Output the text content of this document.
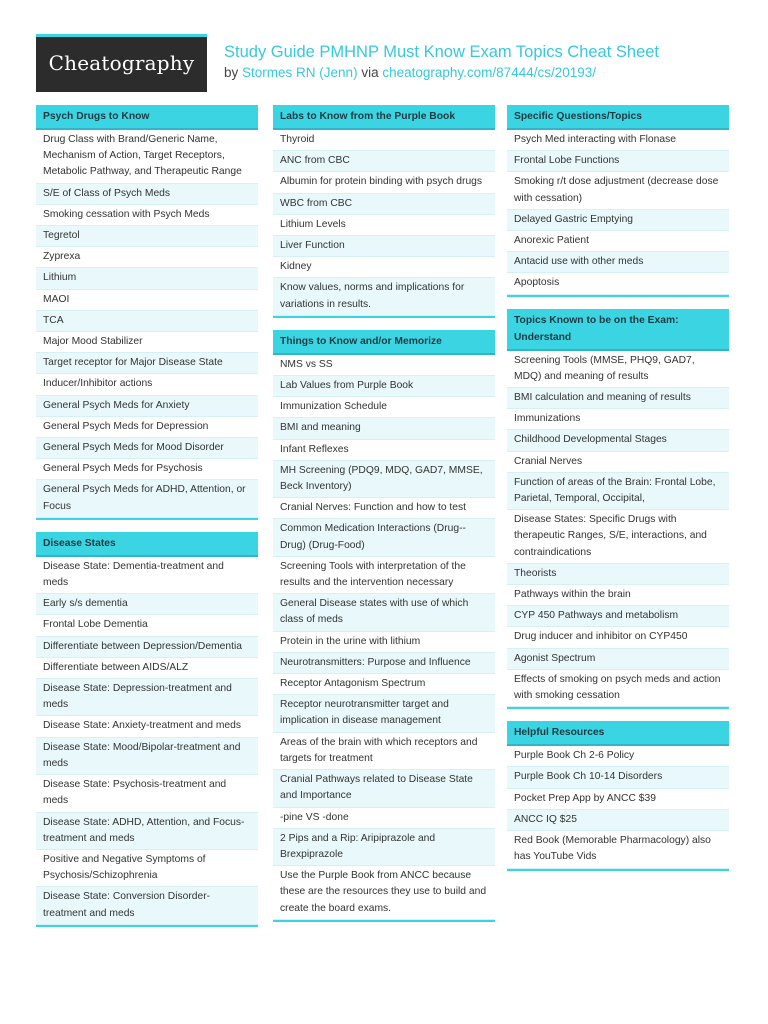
Cheatography	Study Guide PMHNP Must Know Exam Topics Cheat Sheet
by Stormes RN (Jenn) via cheatography.com/87444/cs/20193/
Psych Drugs to Know
Drug Class with Brand/Generic Name, Mechanism of Action, Target Receptors, Metabolic Pathway, and Therapeutic Range
S/E of Class of Psych Meds
Smoking cessation with Psych Meds
Tegretol
Zyprexa
Lithium
MAOI
TCA
Major Mood Stabilizer
Target receptor for Major Disease State
Inducer/Inhibitor actions
General Psych Meds for Anxiety
General Psych Meds for Depression
General Psych Meds for Mood Disorder
General Psych Meds for Psychosis
General Psych Meds for ADHD, Attention, or Focus
Disease States
Disease State: Dementia-treatment and meds
Early s/s dementia
Frontal Lobe Dementia
Differentiate between Depression/Dementia
Differentiate between AIDS/ALZ
Disease State: Depression-treatment and meds
Disease State: Anxiety-treatment and meds
Disease State: Mood/Bipolar-treatment and meds
Disease State: Psychosis-treatment and meds
Disease State: ADHD, Attention, and Focus-treatment and meds
Positive and Negative Symptoms of Psychosis/Schizophrenia
Disease State: Conversion Disorder-treatment and meds
Labs to Know from the Purple Book
Thyroid
ANC from CBC
Albumin for protein binding with psych drugs
WBC from CBC
Lithium Levels
Liver Function
Kidney
Know values, norms and implications for variations in results.
Things to Know and/or Memorize
NMS vs SS
Lab Values from Purple Book
Immunization Schedule
BMI and meaning
Infant Reflexes
MH Screening (PDQ9, MDQ, GAD7, MMSE, Beck Inventory)
Cranial Nerves: Function and how to test
Common Medication Interactions (Drug--Drug) (Drug-Food)
Screening Tools with interpretation of the results and the intervention necessary
General Disease states with use of which class of meds
Protein in the urine with lithium
Neurotransmitters: Purpose and Influence
Receptor Antagonism Spectrum
Receptor neurotransmitter target and implication in disease management
Areas of the brain with which receptors and targets for treatment
Cranial Pathways related to Disease State and Importance
-pine VS -done
2 Pips and a Rip: Aripiprazole and Brexpiprazole
Use the Purple Book from ANCC because these are the resources they use to build and create the board exams.
Specific Questions/Topics
Psych Med interacting with Flonase
Frontal Lobe Functions
Smoking r/t dose adjustment (decrease dose with cessation)
Delayed Gastric Emptying
Anorexic Patient
Antacid use with other meds
Apoptosis
Topics Known to be on the Exam: Understand
Screening Tools (MMSE, PHQ9, GAD7, MDQ) and meaning of results
BMI calculation and meaning of results
Immunizations
Childhood Developmental Stages
Cranial Nerves
Function of areas of the Brain: Frontal Lobe, Parietal, Temporal, Occipital,
Disease States: Specific Drugs with therapeutic Ranges, S/E, interactions, and contraindications
Theorists
Pathways within the brain
CYP 450 Pathways and metabolism
Drug inducer and inhibitor on CYP450
Agonist Spectrum
Effects of smoking on psych meds and action with smoking cessation
Helpful Resources
Purple Book Ch 2-6 Policy
Purple Book Ch 10-14 Disorders
Pocket Prep App by ANCC $39
ANCC IQ $25
Red Book (Memorable Pharmacology) also has YouTube Vids
